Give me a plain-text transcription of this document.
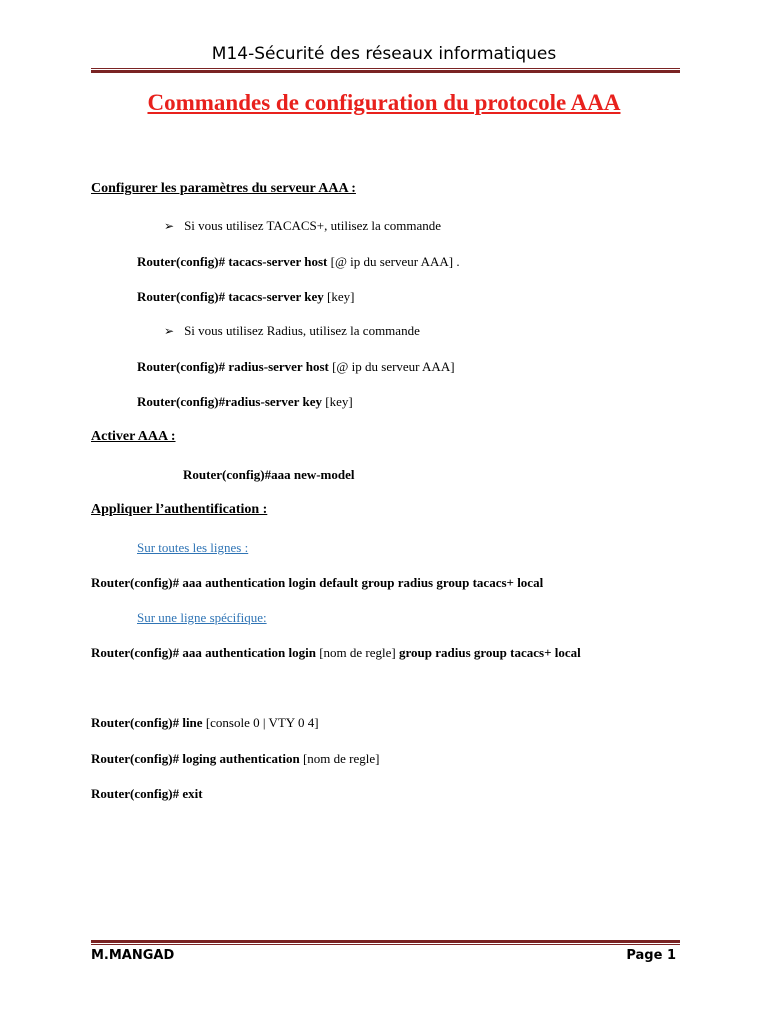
M14-Sécurité des réseaux informatiques
Commandes de configuration du protocole AAA
Configurer les paramètres du serveur AAA :
➢ Si vous utilisez TACACS+, utilisez la commande
Router(config)# tacacs-server host [@ ip du serveur AAA] .
Router(config)# tacacs-server key [key]
➢ Si vous utilisez Radius, utilisez la commande
Router(config)# radius-server host [@ ip du serveur AAA]
Router(config)#radius-server key [key]
Activer AAA :
Router(config)#aaa new-model
Appliquer l’authentification :
Sur toutes les lignes :
Router(config)# aaa authentication login default group radius group tacacs+ local
Sur une ligne spécifique:
Router(config)# aaa authentication login [nom de regle] group radius group tacacs+ local
Router(config)# line [console 0 | VTY 0 4]
Router(config)# loging authentication [nom de regle]
Router(config)# exit
M.MANGAD	Page 1
